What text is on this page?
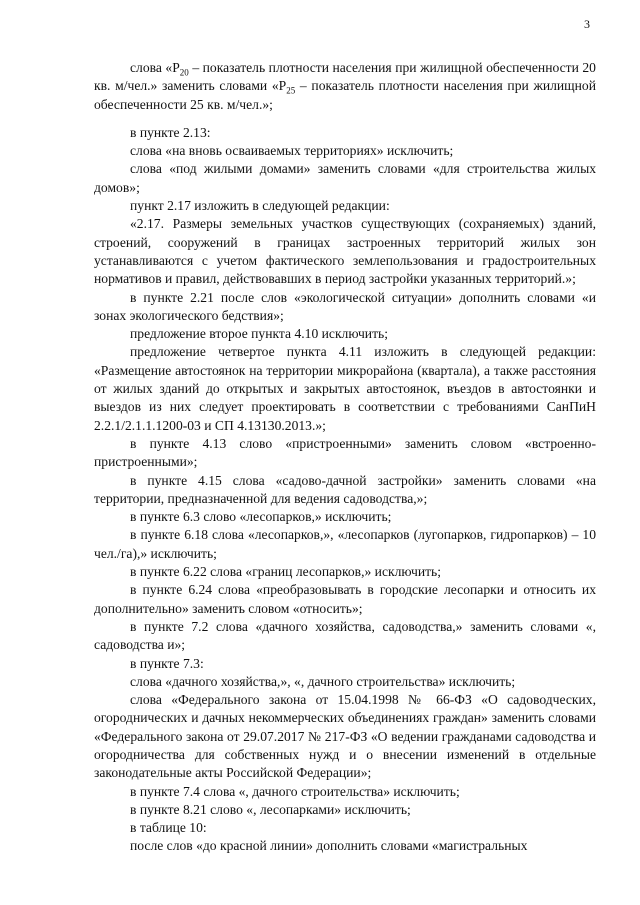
3

слова «$Р_{20}$ – показатель плотности населения при жилищной обеспеченности 20 кв. м/чел.» заменить словами «$Р_{25}$ – показатель плотности населения при жилищной обеспеченности 25 кв. м/чел.»;

в пункте 2.13:

слова «на вновь осваиваемых территориях» исключить;

слова «под жилыми домами» заменить словами «для строительства жилых домов»;

пункт 2.17 изложить в следующей редакции:

«2.17. Размеры земельных участков существующих (сохраняемых) зданий, строений, сооружений в границах застроенных территорий жилых зон устанавливаются с учетом фактического землепользования и градостроительных нормативов и правил, действовавших в период застройки указанных территорий.»;

в пункте 2.21 после слов «экологической ситуации» дополнить словами «и зонах экологического бедствия»;

предложение второе пункта 4.10 исключить;

предложение четвертое пункта 4.11 изложить в следующей редакции: «Размещение автостоянок на территории микрорайона (квартала), а также расстояния от жилых зданий до открытых и закрытых автостоянок, въездов в автостоянки и выездов из них следует проектировать в соответствии с требованиями СанПиН 2.2.1/2.1.1.1200-03 и СП 4.13130.2013.»;

в пункте 4.13 слово «пристроенными» заменить словом «встроенно-пристроенными»;

в пункте 4.15 слова «садово-дачной застройки» заменить словами «на территории, предназначенной для ведения садоводства,»;

в пункте 6.3 слово «лесопарков,» исключить;

в пункте 6.18 слова «лесопарков,», «лесопарков (лугопарков, гидропарков) – 10 чел./га),» исключить;

в пункте 6.22 слова «границ лесопарков,» исключить;

в пункте 6.24 слова «преобразовывать в городские лесопарки и относить их дополнительно» заменить словом «относить»;

в пункте 7.2 слова «дачного хозяйства, садоводства,» заменить словами «, садоводства и»;

в пункте 7.3:

слова «дачного хозяйства,», «, дачного строительства» исключить;

слова «Федерального закона от 15.04.1998 № 66-ФЗ «О садоводческих, огороднических и дачных некоммерческих объединениях граждан» заменить словами «Федерального закона от 29.07.2017 № 217-ФЗ «О ведении гражданами садоводства и огородничества для собственных нужд и о внесении изменений в отдельные законодательные акты Российской Федерации»;

в пункте 7.4 слова «, дачного строительства» исключить;

в пункте 8.21 слово «, лесопарками» исключить;

в таблице 10:

после слов «до красной линии» дополнить словами «магистральных
